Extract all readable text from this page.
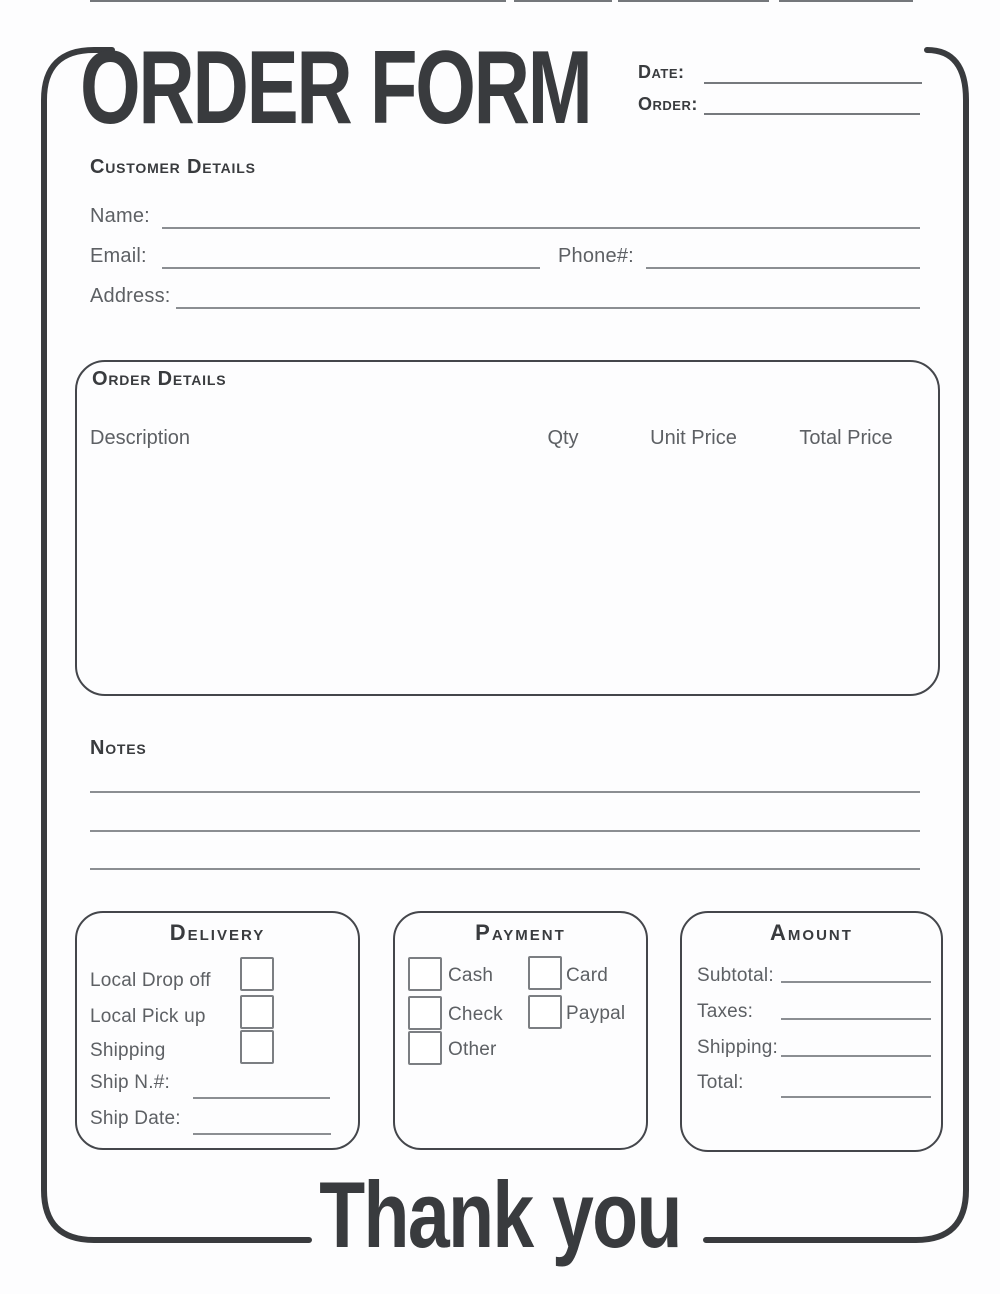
ORDER FORM	Date:
Order:
Customer Details
Name:
Email:	Phone#:
Address:
Order Details
Description	Qty	Unit Price	Total Price
Notes
Delivery
Local Drop off
Local Pick up
Shipping
Ship N.#:
Ship Date:
Payment
Cash
Check
Other
Card
Paypal
Amount
Subtotal:
Taxes:
Shipping:
Total:
Thank you
